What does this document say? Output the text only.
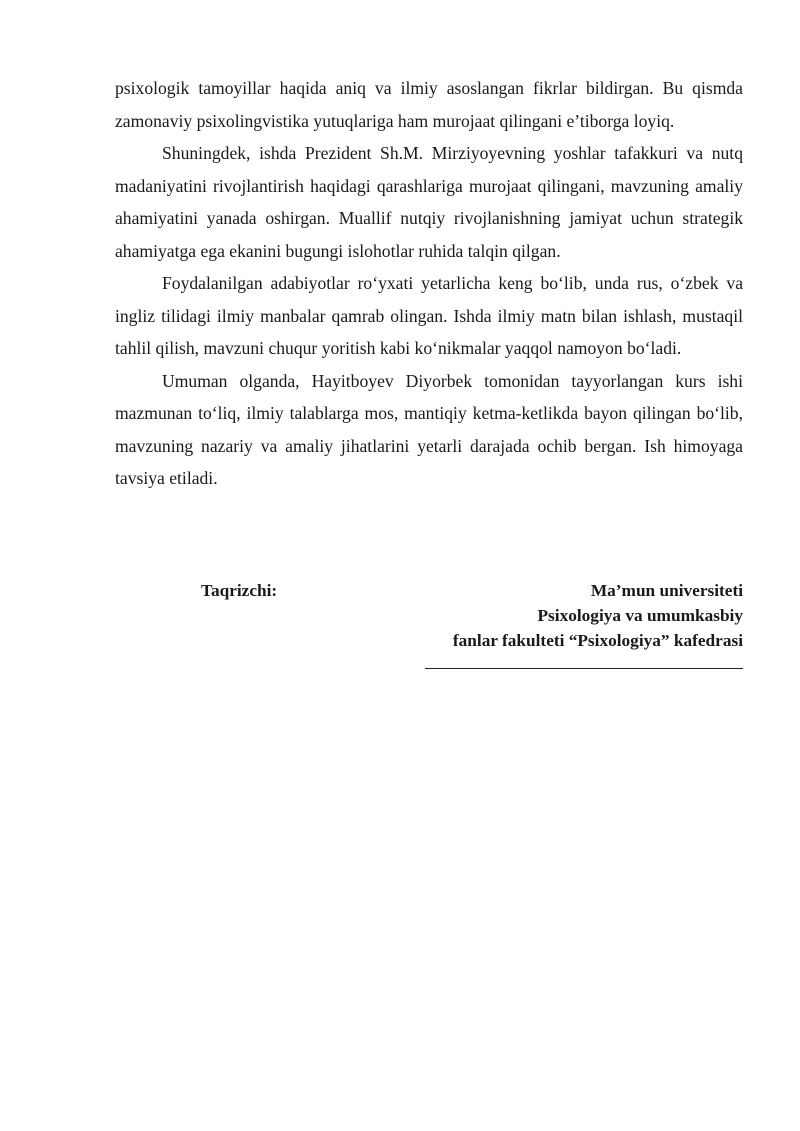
psixologik tamoyillar haqida aniq va ilmiy asoslangan fikrlar bildirgan. Bu qismda zamonaviy psixolingvistika yutuqlariga ham murojaat qilingani e’tiborga loyiq.

Shuningdek, ishda Prezident Sh.M. Mirziyoyevning yoshlar tafakkuri va nutq madaniyatini rivojlantirish haqidagi qarashlariga murojaat qilingani, mavzuning amaliy ahamiyatini yanada oshirgan. Muallif nutqiy rivojlanishning jamiyat uchun strategik ahamiyatga ega ekanini bugungi islohotlar ruhida talqin qilgan.

Foydalanilgan adabiyotlar ro‘yxati yetarlicha keng bo‘lib, unda rus, o‘zbek va ingliz tilidagi ilmiy manbalar qamrab olingan. Ishda ilmiy matn bilan ishlash, mustaqil tahlil qilish, mavzuni chuqur yoritish kabi ko‘nikmalar yaqqol namoyon bo‘ladi.

Umuman olganda, Hayitboyev Diyorbek tomonidan tayyorlangan kurs ishi mazmunan to‘liq, ilmiy talablarga mos, mantiqiy ketma-ketlikda bayon qilingan bo‘lib, mavzuning nazariy va amaliy jihatlarini yetarli darajada ochib bergan. Ish himoyaga tavsiya etiladi.

Taqrizchi:	Ma’mun universiteti
Psixologiya va umumkasbiy
fanlar fakulteti “Psixologiya” kafedrasi
